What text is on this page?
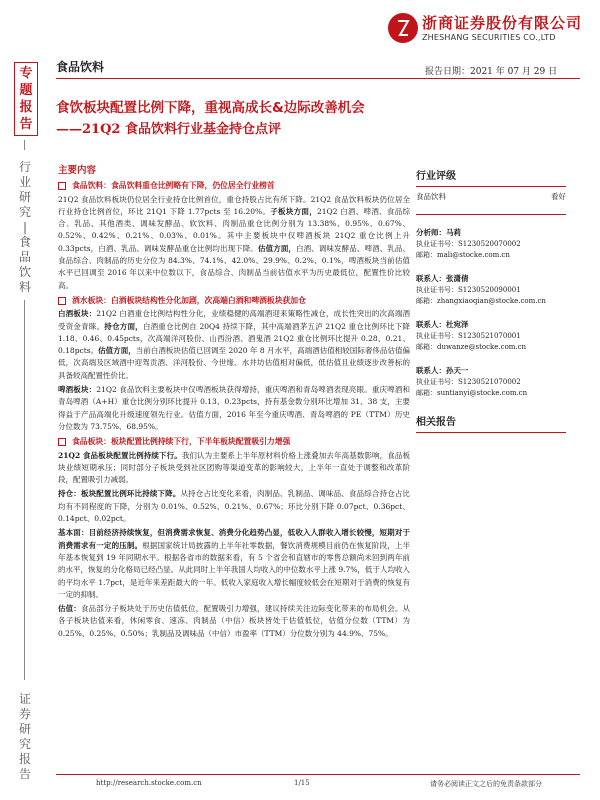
浙商证券股份有限公司
ZHESHANG SECURITIES CO.,LTD
专
题
报
告
行
业
研
究
|
食
品
饮
料
证
券
研
究
报
告
食品饮料	报告日期：2021 年 07 月 29 日
食饮板块配置比例下降，重视高成长&边际改善机会
——21Q2 食品饮料行业基金持仓点评
主要内容
食品饮料：食品饮料重仓比例略有下降，仍位居全行业榜首

21Q2 食品饮料板块仍位居全行业持仓比例首位，重仓持股占比有所下降。21Q2 食品饮料板块仍位居全行业持仓比例首位，环比 21Q1 下降 1.77pcts 至 16.20%。子板块方面，21Q2 白酒、啤酒、食品综合、乳品、其他酒类、调味发酵品、软饮料、肉制品重仓比例分别为 13.38%、0.95%、0.67%、0.52%、0.42%、0.21%、0.03%、0.01%。其中主要板块中仅啤酒板块 21Q2 重仓比例上升 0.33pcts，白酒、乳品、调味发酵品重仓比例均出现下降。估值方面，白酒、调味发酵品、啤酒、乳品、食品综合、肉制品的历史分位为 84.3%、74.1%、42.0%、29.9%、0.2%、0.1%，啤酒板块当前估值水平已回调至 2016 年以来中位数以下，食品综合、肉制品当前估值水平为历史最低位，配置性价比较高。

酒水板块：白酒板块结构性分化加剧，次高端白酒和啤酒板块获加仓

白酒板块：21Q2 白酒重仓比例结构性分化，业绩稳健的高端酒迎来策略性减仓，成长性突出的次高端酒受资金青睐。持仓方面，白酒重仓比例自 20Q4 持续下降，其中高端酒茅五泸 21Q2 重仓比例环比下降 1.18、0.46、0.45pcts，次高端洋河股份、山西汾酒、酒鬼酒 21Q2 重仓比例环比提升 0.28、0.21、0.18pcts。估值方面，当前白酒板块估值已回调至 2020 年 8 月水平，高端酒估值相较国际奢侈品估值偏低，次高端及区域酒中迎驾贡酒、洋河股份、今世缘、水井坊估值相对偏低，低估值且业绩逐步改善标的具备较高配置性价比。

啤酒板块：21Q2 食品饮料主要板块中仅啤酒板块获得增持，重庆啤酒和青岛啤酒表现亮眼。重庆啤酒和青岛啤酒（A+H）重仓比例分别环比提升 0.13、0.23pcts，持有基金数分别环比增加 31、38 支，主要得益于产品高端化升级速度领先行业。估值方面，2016 年至今重庆啤酒、青岛啤酒的 PE（TTM）历史分位数为 73.75%、68.95%。

食品板块：板块配置比例持续下行，下半年板块配置吸引力增强

21Q2 食品板块配置比例持续下行。我们认为主要系上半年原材料价格上涨叠加去年高基数影响，食品板块业绩短期承压；同时部分子板块受到社区团购等渠道变革的影响较大，上半年一直处于调整和改革阶段，配置吸引力减弱。

持仓：板块配置比例环比持续下降。从持仓占比变化来看，肉制品、乳制品、调味品、食品综合持仓占比均有不同程度的下降，分别为 0.01%、0.52%、0.21%、0.67%；环比分别下降 0.07pct、0.36pct、0.14pct、0.02pct。

基本面：目前经济持续恢复，但消费需求恢复、消费分化趋势凸显，低收入人群收入增长较慢，短期对于消费需求有一定的压制。根据国家统计局披露的上半年社零数据，餐饮消费规模目前仍在恢复阶段，上半年基本恢复到 19 年同期水平。根据各省市的数据来看，有 5 个省会和直辖市的零售总额尚未回到两年前的水平，恢复的分化格局已经凸显。从此同时上半年我国人均收入的中位数水平上涨 9.7%，低于人均收入的平均水平 1.7pct，是近年来差距最大的一年。低收入家庭收入增长幅度较低会在短期对于消费的恢复有一定的抑制。

估值：食品部分子板块处于历史估值低位，配置吸引力增强，建议持续关注边际变化带来的布局机会。从各子板块估值来看，休闲零食、速冻、肉制品（中信）板块皆处于估值低位，估值分位数（TTM）为 0.25%、0.25%、0.50%；乳制品及调味品（中信）市盈率（TTM）分位数分别为 44.9%、75%。

行业评级
食品饮料	看好
分析师：马莉
执业证书号：S1230520070002
邮箱：mali@stocke.com.cn
联系人：张潇倩
执业证书号：S1230520090001
邮箱：zhangxiaoqian@stocke.com.cn
联系人：杜宛泽
执业证书号：S1230521070001
邮箱：duwanze@stocke.com.cn
联系人：孙天一
执业证书号：S1230521070002
邮箱：suntianyi@stocke.com.cn
相关报告
http://research.stocke.com.cn	1/15	请务必阅读正文之后的免责条款部分
